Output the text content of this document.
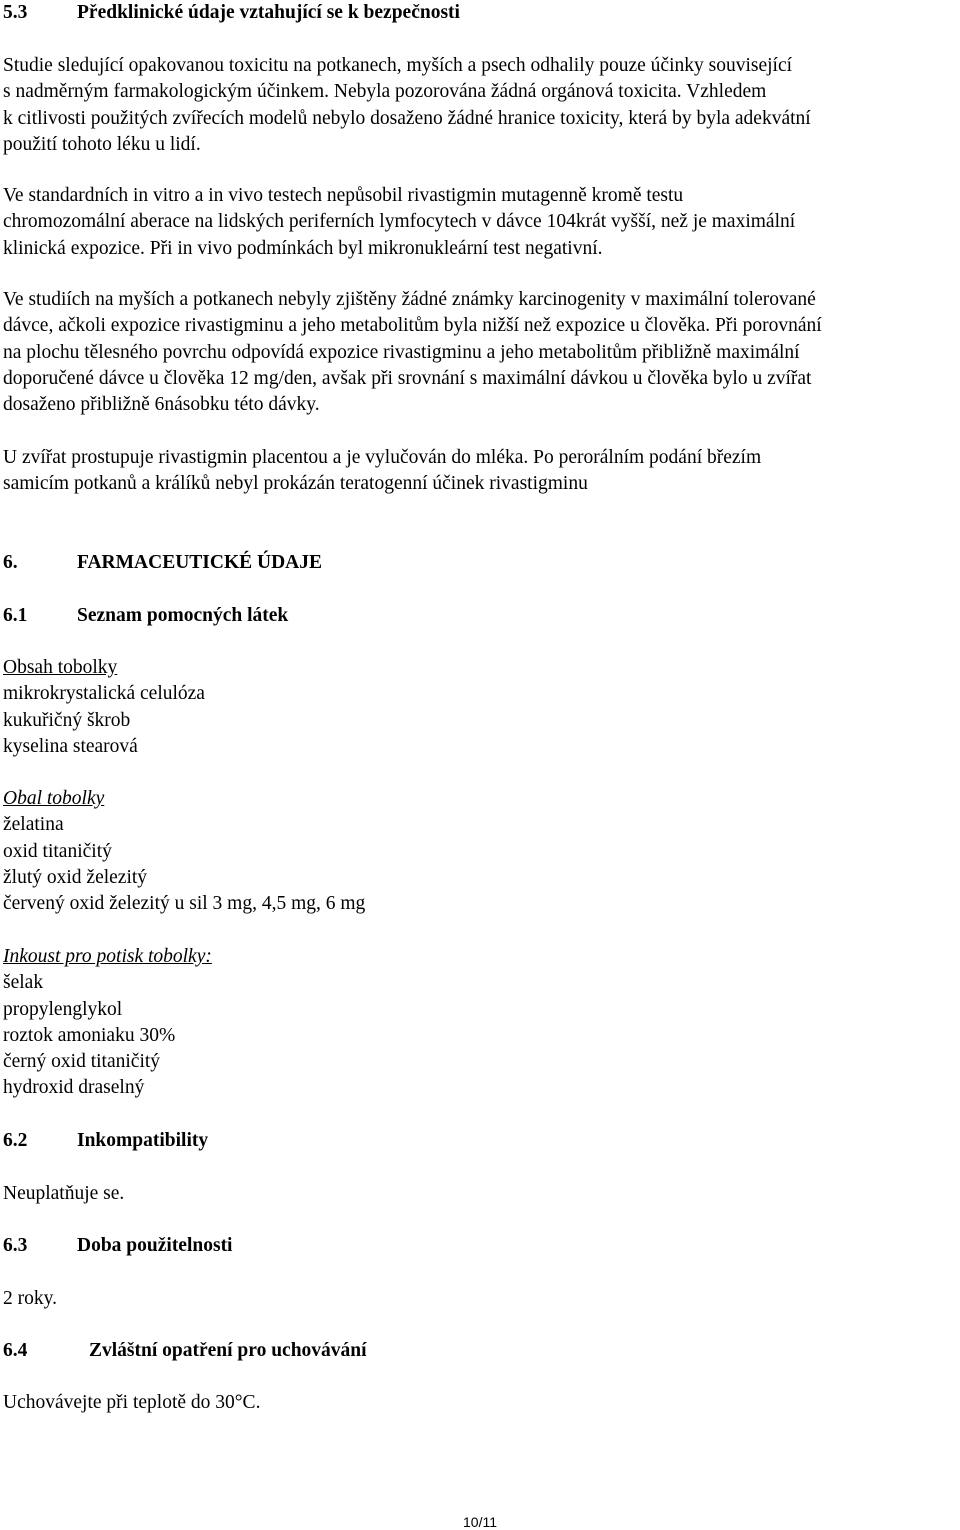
5.3	Předklinické údaje vztahující se k bezpečnosti
Studie sledující opakovanou toxicitu na potkanech, myších a psech odhalily pouze účinky související
s nadměrným farmakologickým účinkem. Nebyla pozorována žádná orgánová toxicita. Vzhledem
k citlivosti použitých zvířecích modelů nebylo dosaženo žádné hranice toxicity, která by byla adekvátní
použití tohoto léku u lidí.
Ve standardních in vitro a in vivo testech nepůsobil rivastigmin mutagenně kromě testu
chromozomální aberace na lidských periferních lymfocytech v dávce 104krát vyšší, než je maximální
klinická expozice. Při in vivo podmínkách byl mikronukleární test negativní.
Ve studiích na myších a potkanech nebyly zjištěny žádné známky karcinogenity v maximální tolerované
dávce, ačkoli expozice rivastigminu a jeho metabolitům byla nižší než expozice u člověka. Při porovnání
na plochu tělesného povrchu odpovídá expozice rivastigminu a jeho metabolitům přibližně maximální
doporučené dávce u člověka 12 mg/den, avšak při srovnání s maximální dávkou u člověka bylo u zvířat
dosaženo přibližně 6násobku této dávky.
U zvířat prostupuje rivastigmin placentou a je vylučován do mléka. Po perorálním podání březím
samicím potkanů a králíků nebyl prokázán teratogenní účinek rivastigminu
6.	FARMACEUTICKÉ ÚDAJE
6.1	Seznam pomocných látek
Obsah tobolky
mikrokrystalická celulóza
kukuřičný škrob
kyselina stearová
Obal tobolky
želatina
oxid titaničitý
žlutý oxid železitý
červený oxid železitý u sil 3 mg, 4,5 mg, 6 mg
Inkoust pro potisk tobolky:
šelak
propylenglykol
roztok amoniaku 30%
černý oxid titaničitý
hydroxid draselný
6.2	Inkompatibility
Neuplatňuje se.
6.3	Doba použitelnosti
2 roky.
6.4	Zvláštní opatření pro uchovávání
Uchovávejte při teplotě do 30°C.
10/11
